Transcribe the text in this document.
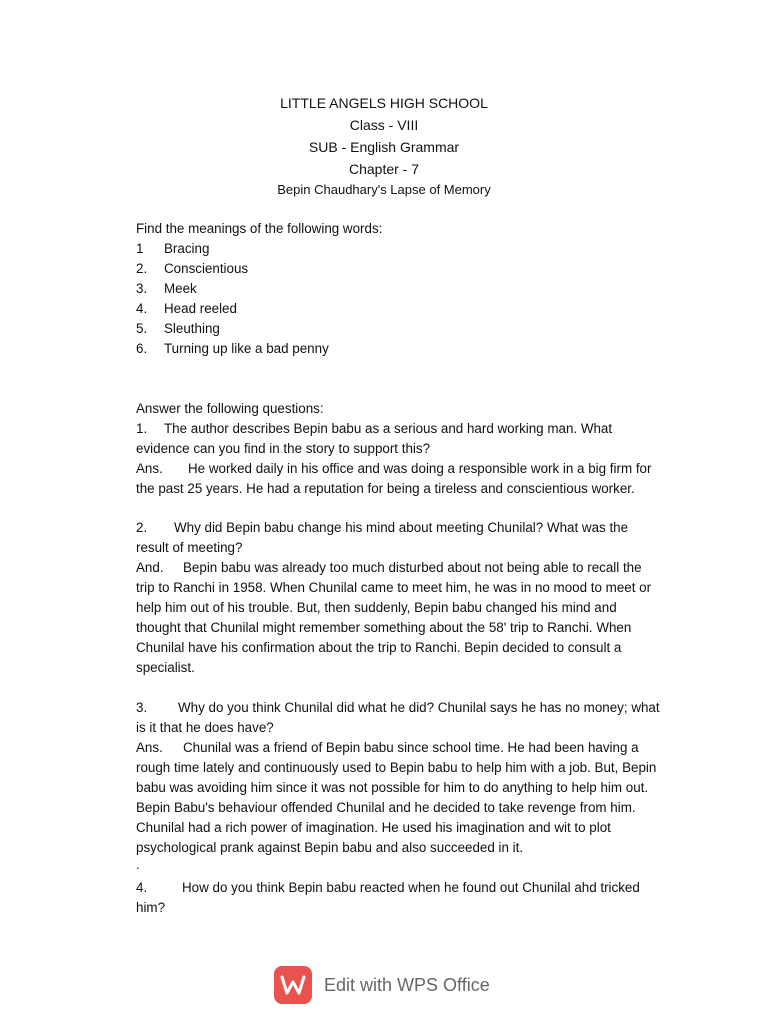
LITTLE ANGELS HIGH SCHOOL
Class - VIII
SUB - English Grammar
Chapter - 7
Bepin Chaudhary's Lapse of Memory
Find the meanings of the following words:
1	Bracing
2.	Conscientious
3.	Meek
4.	Head reeled
5.	Sleuthing
6.	Turning up like a bad penny
Answer the following questions:
1. The author describes Bepin babu as a serious and hard working man. What
evidence can you find in the story to support this?
Ans. He worked daily in his office and was doing a responsible work in a big firm for
the past 25 years. He had a reputation for being a tireless and conscientious worker.
2. Why did Bepin babu change his mind about meeting Chunilal? What was the
result of meeting?
And. Bepin babu was already too much disturbed about not being able to recall the
trip to Ranchi in 1958. When Chunilal came to meet him, he was in no mood to meet or
help him out of his trouble. But, then suddenly, Bepin babu changed his mind and
thought that Chunilal might remember something about the 58' trip to Ranchi. When
Chunilal have his confirmation about the trip to Ranchi. Bepin decided to consult a
specialist.
3. Why do you think Chunilal did what he did? Chunilal says he has no money; what
is it that he does have?
Ans. Chunilal was a friend of Bepin babu since school time. He had been having a
rough time lately and continuously used to Bepin babu to help him with a job. But, Bepin
babu was avoiding him since it was not possible for him to do anything to help him out.
Bepin Babu's behaviour offended Chunilal and he decided to take revenge from him.
Chunilal had a rich power of imagination. He used his imagination and wit to plot
psychological prank against Bepin babu and also succeeded in it.
.
4.	How do you think Bepin babu reacted when he found out Chunilal ahd tricked
him?
Edit with WPS Office
